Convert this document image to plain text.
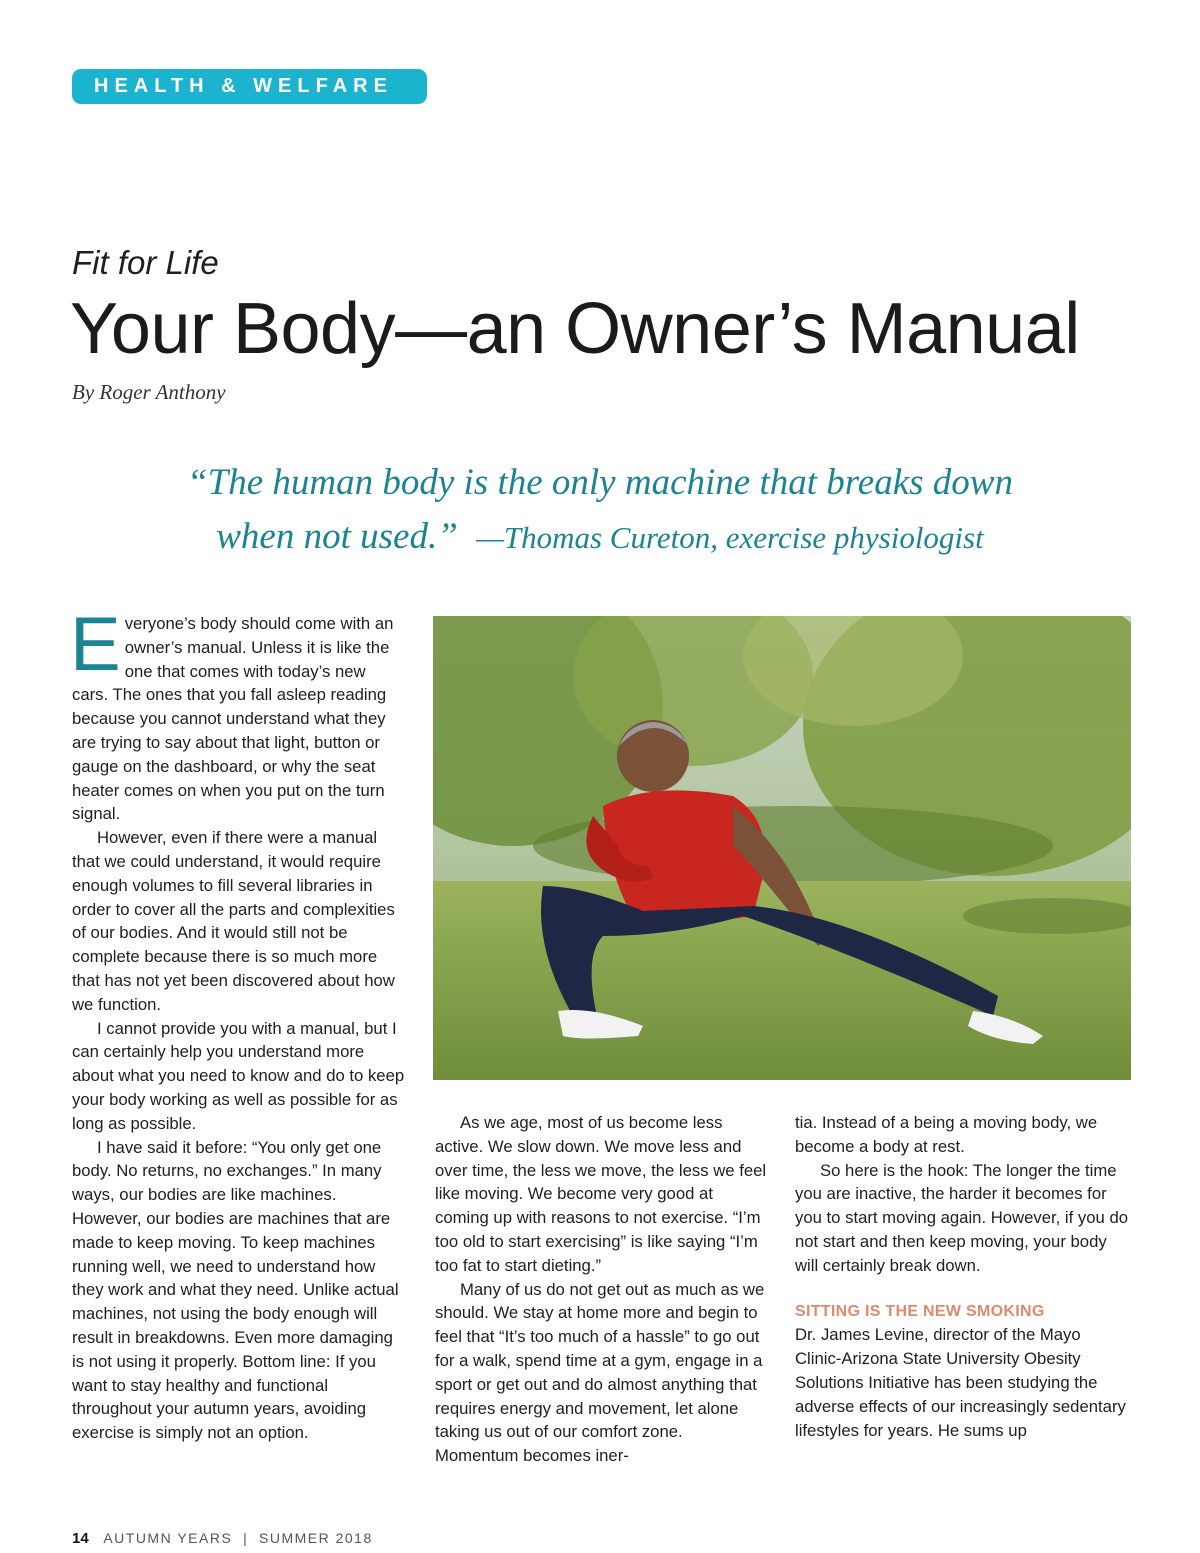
HEALTH & WELFARE
Fit for Life
Your Body—an Owner’s Manual
By Roger Anthony
“The human body is the only machine that breaks down
when not used.” —Thomas Cureton, exercise physiologist

Everyone’s body should come with an owner’s manual. Unless it is like the one that comes with today’s new cars. The ones that you fall asleep reading because you cannot understand what they are trying to say about that light, button or gauge on the dashboard, or why the seat heater comes on when you put on the turn signal.

However, even if there were a manual that we could understand, it would require enough volumes to fill several libraries in order to cover all the parts and complexities of our bodies. And it would still not be complete because there is so much more that has not yet been discovered about how we function.

I cannot provide you with a manual, but I can certainly help you understand more about what you need to know and do to keep your body working as well as possible for as long as possible.

I have said it before: “You only get one body. No returns, no exchanges.” In many ways, our bodies are like machines. However, our bodies are machines that are made to keep moving. To keep machines running well, we need to understand how they work and what they need. Unlike actual machines, not using the body enough will result in breakdowns. Even more damaging is not using it properly. Bottom line: If you want to stay healthy and functional throughout your autumn years, avoiding exercise is simply not an option.

As we age, most of us become less active. We slow down. We move less and over time, the less we move, the less we feel like moving. We become very good at coming up with reasons to not exercise. “I’m too old to start exercising” is like saying “I’m too fat to start dieting.”

Many of us do not get out as much as we should. We stay at home more and begin to feel that “It’s too much of a hassle” to go out for a walk, spend time at a gym, engage in a sport or get out and do almost anything that requires energy and movement, let alone taking us out of our comfort zone. Momentum becomes iner-

tia. Instead of a being a moving body, we become a body at rest.

So here is the hook: The longer the time you are inactive, the harder it becomes for you to start moving again. However, if you do not start and then keep moving, your body will certainly break down.

SITTING IS THE NEW SMOKING

Dr. James Levine, director of the Mayo Clinic-Arizona State University Obesity Solutions Initiative has been studying the adverse effects of our increasingly sedentary lifestyles for years. He sums up

14 AUTUMN YEARS | SUMMER 2018
